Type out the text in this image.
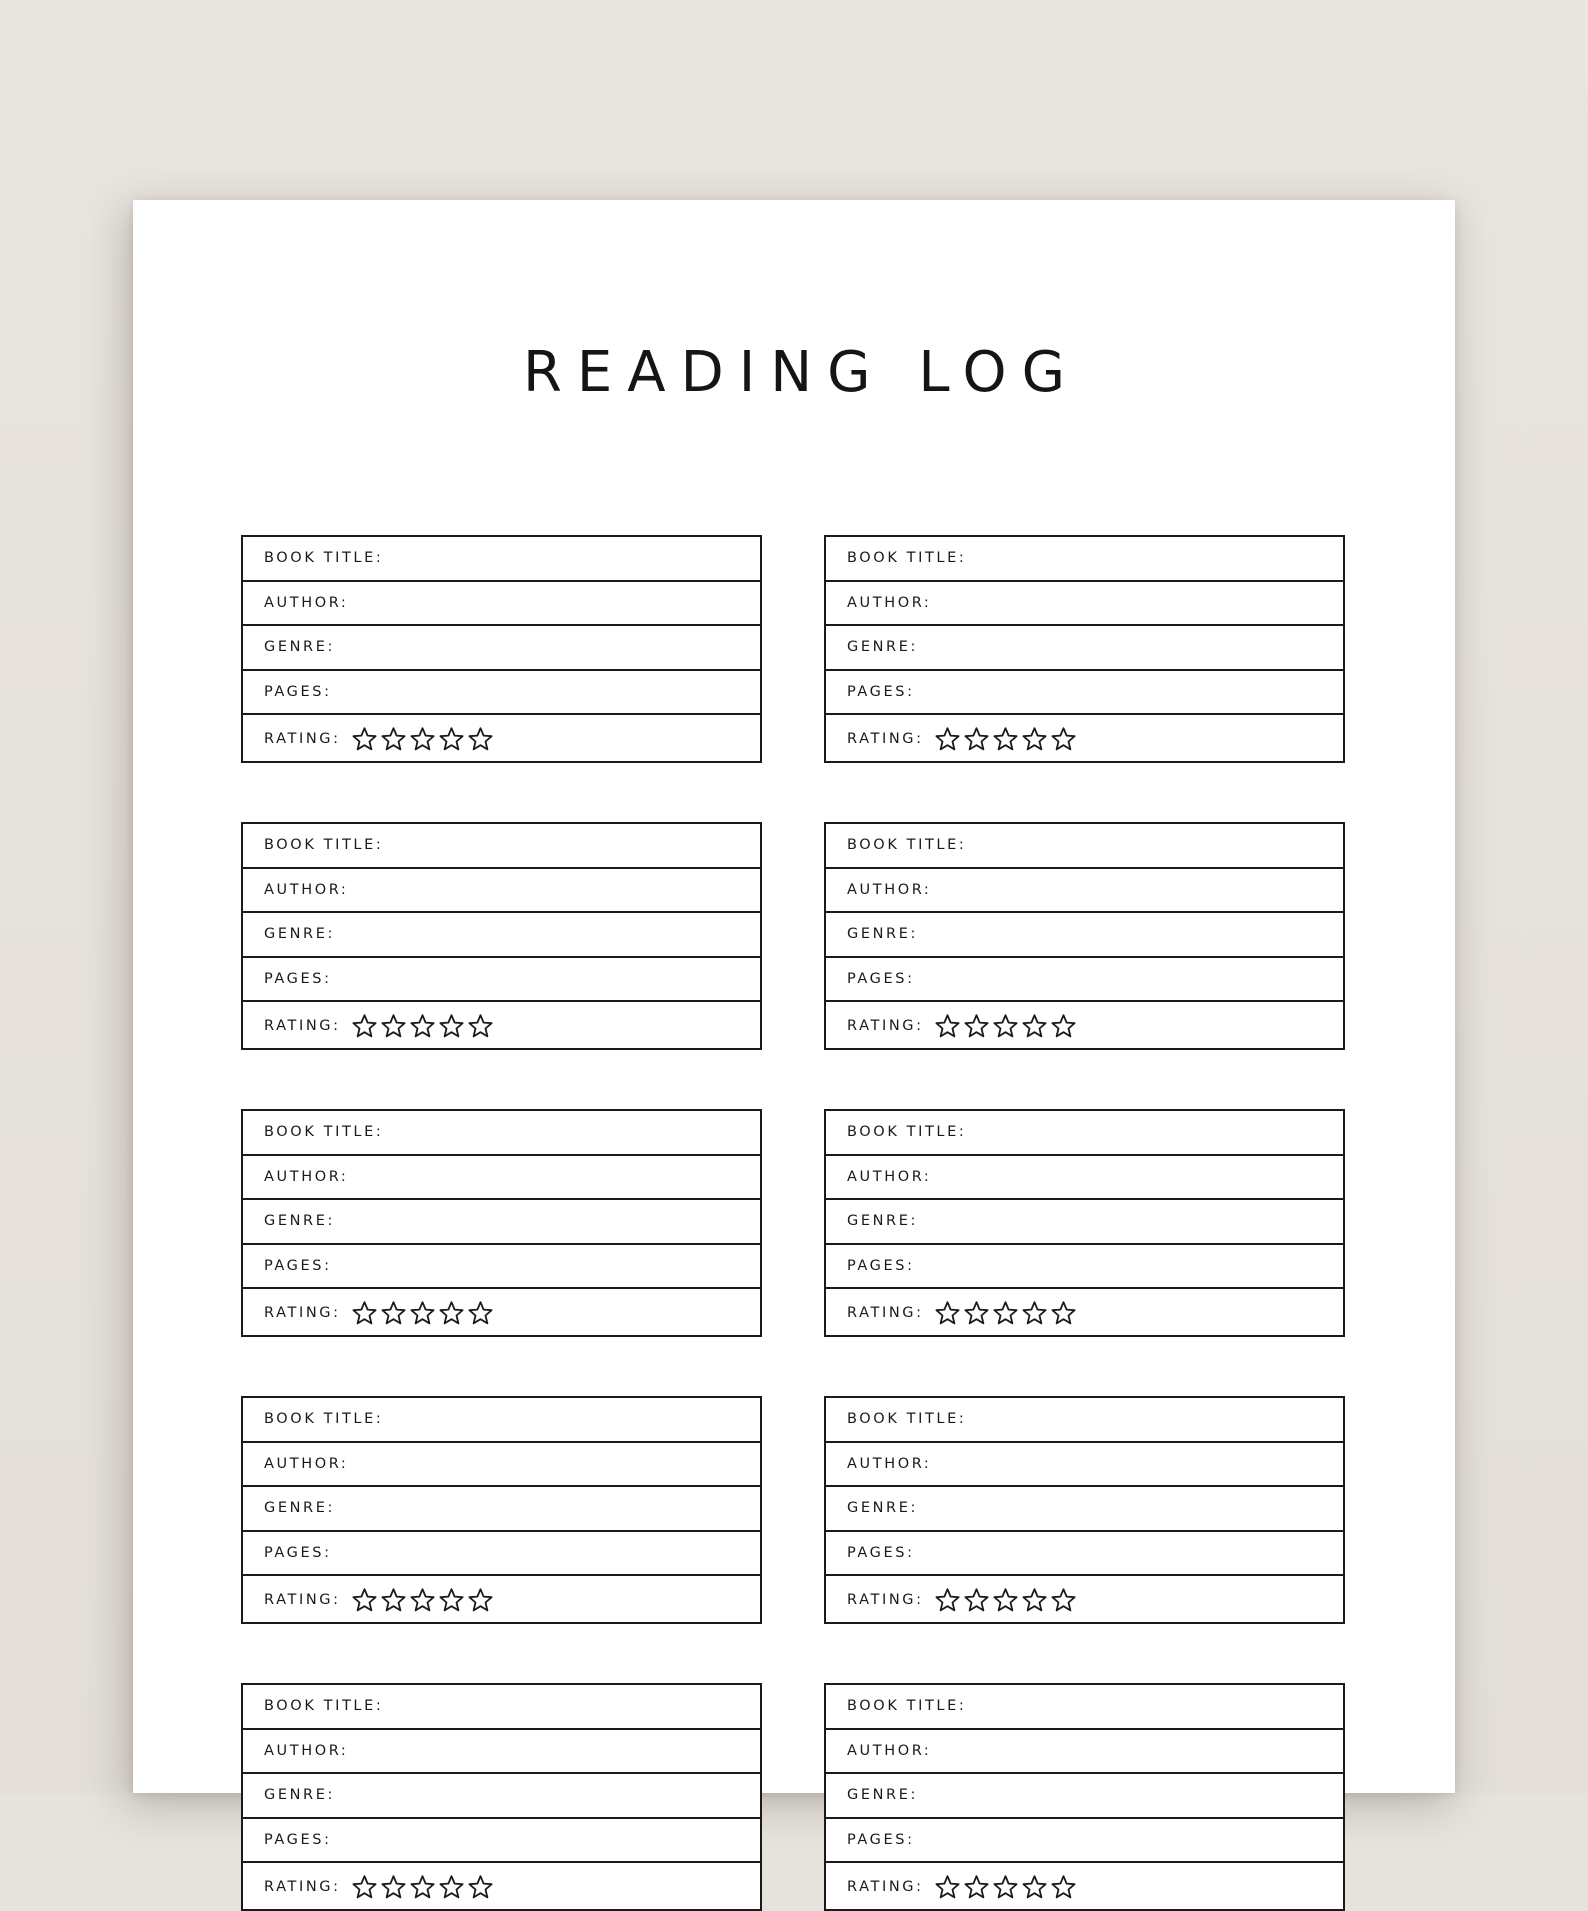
READING LOG
BOOK TITLE:
AUTHOR:
GENRE:
PAGES:
RATING:
BOOK TITLE:
AUTHOR:
GENRE:
PAGES:
RATING:
BOOK TITLE:
AUTHOR:
GENRE:
PAGES:
RATING:
BOOK TITLE:
AUTHOR:
GENRE:
PAGES:
RATING:
BOOK TITLE:
AUTHOR:
GENRE:
PAGES:
RATING:
BOOK TITLE:
AUTHOR:
GENRE:
PAGES:
RATING:
BOOK TITLE:
AUTHOR:
GENRE:
PAGES:
RATING:
BOOK TITLE:
AUTHOR:
GENRE:
PAGES:
RATING:
BOOK TITLE:
AUTHOR:
GENRE:
PAGES:
RATING:
BOOK TITLE:
AUTHOR:
GENRE:
PAGES:
RATING:
